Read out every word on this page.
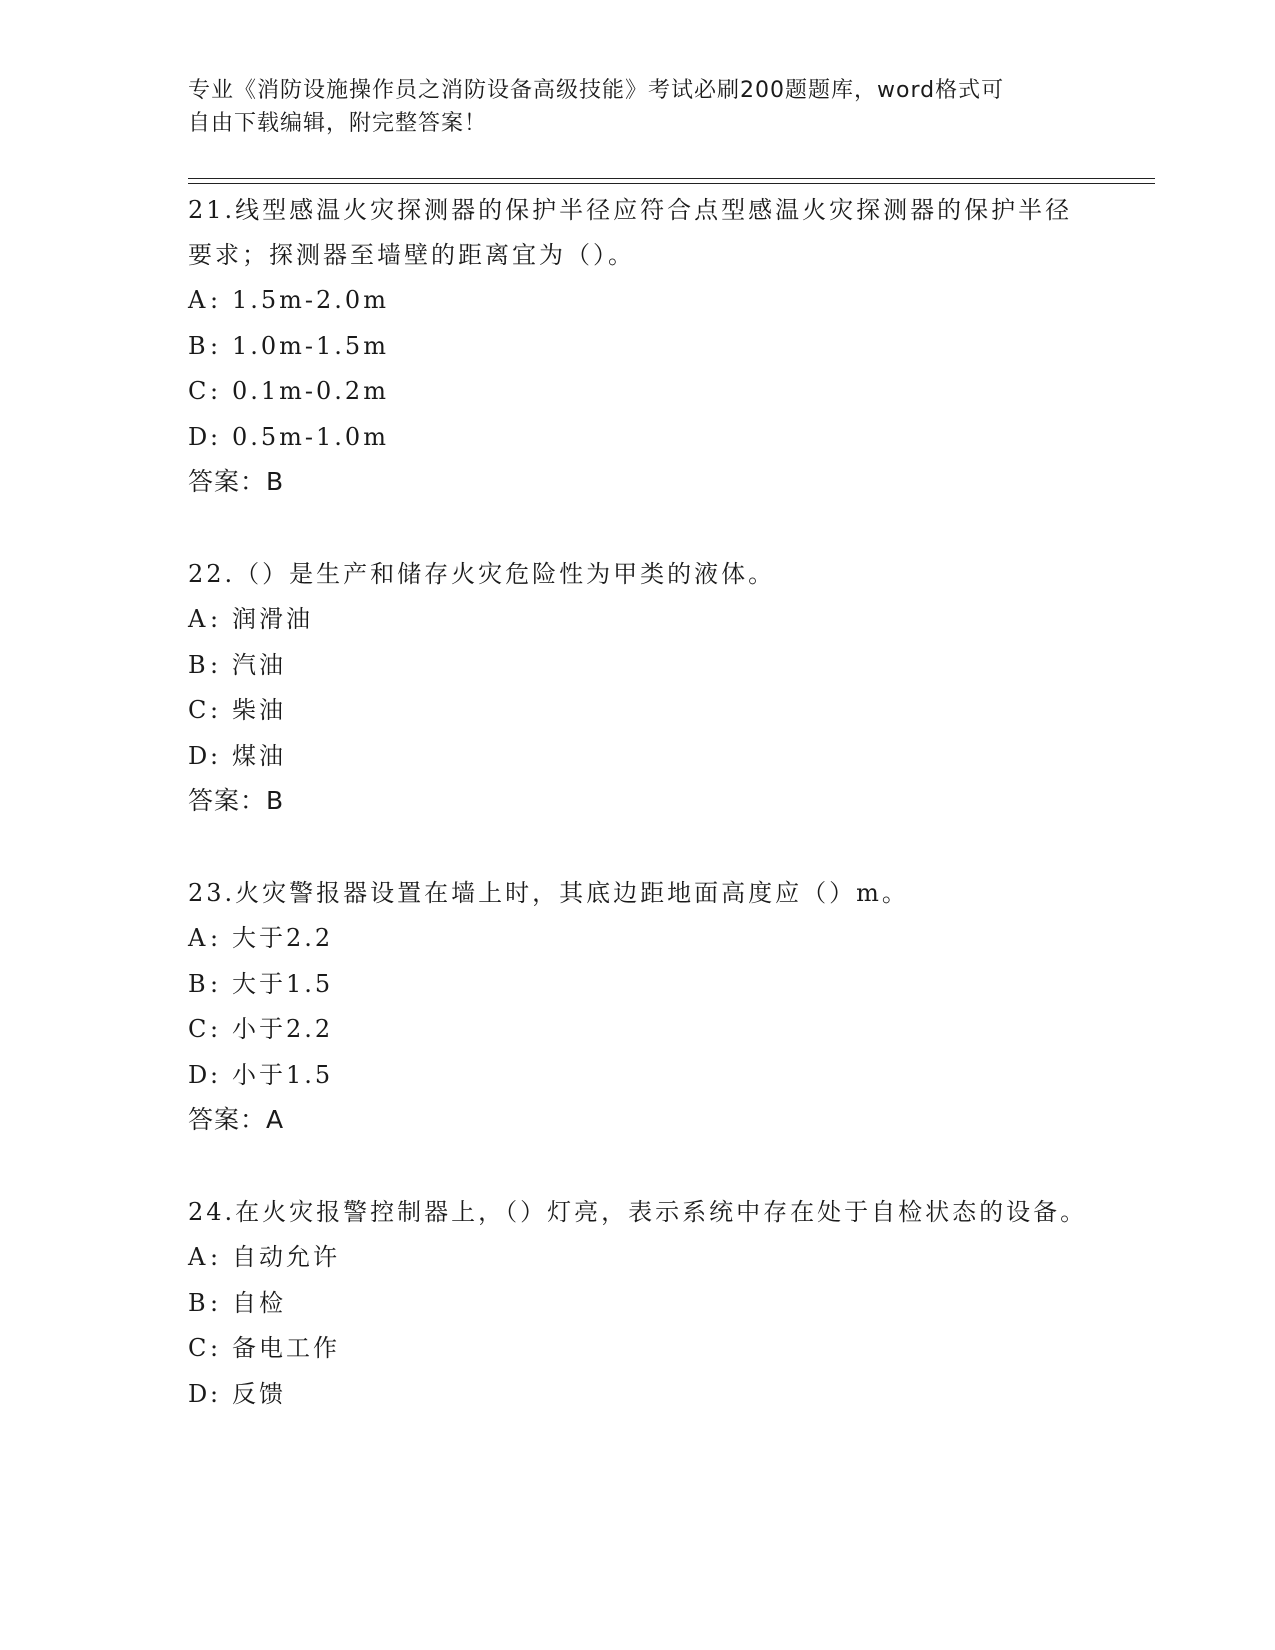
专业《消防设施操作员之消防设备高级技能》考试必刷200题题库，word格式可
自由下载编辑，附完整答案！
21.线型感温火灾探测器的保护半径应符合点型感温火灾探测器的保护半径要求；探测器至墙壁的距离宜为（）。
A: 1.5m-2.0m
B: 1.0m-1.5m
C: 0.1m-0.2m
D: 0.5m-1.0m
答案：B
22.（）是生产和储存火灾危险性为甲类的液体。
A: 润滑油
B: 汽油
C: 柴油
D: 煤油
答案：B
23.火灾警报器设置在墙上时，其底边距地面高度应（）m。
A: 大于2.2
B: 大于1.5
C: 小于2.2
D: 小于1.5
答案：A
24.在火灾报警控制器上，（）灯亮，表示系统中存在处于自检状态的设备。
A: 自动允许
B: 自检
C: 备电工作
D: 反馈
